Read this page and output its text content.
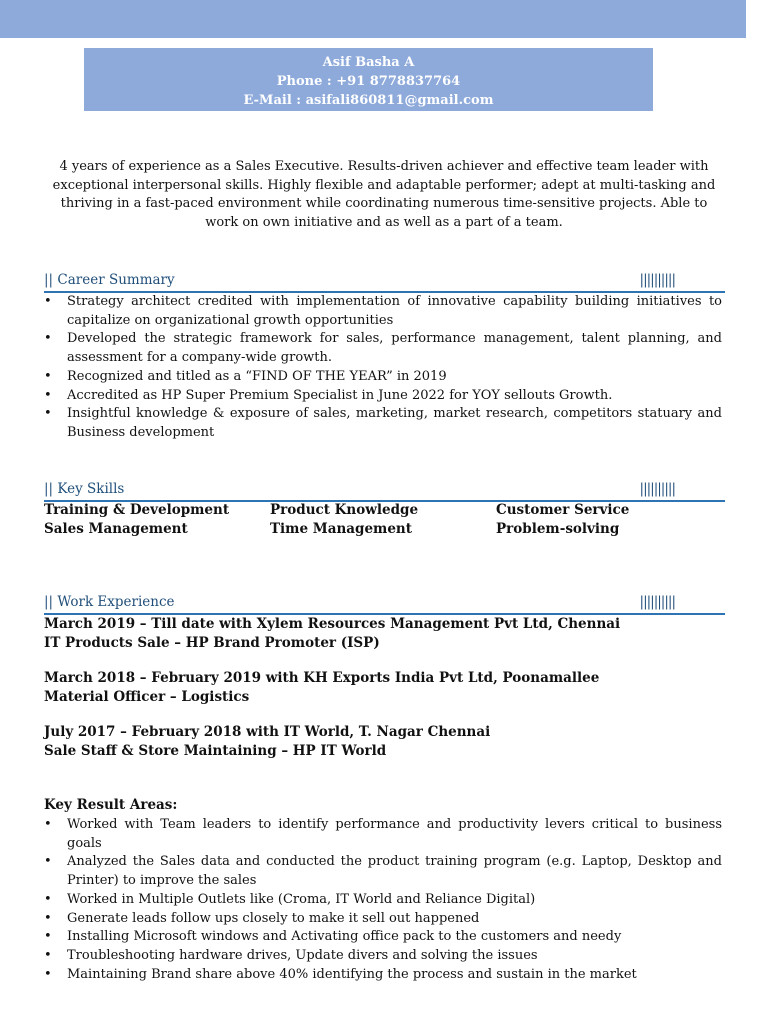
Asif Basha A
Phone : +91 8778837764
E-Mail : asifali860811@gmail.com
4 years of experience as a Sales Executive. Results-driven achiever and effective team leader with exceptional interpersonal skills. Highly flexible and adaptable performer; adept at multi-tasking and thriving in a fast-paced environment while coordinating numerous time-sensitive projects. Able to work on own initiative and as well as a part of a team.
|| Career Summary	||||||||||
• Strategy architect credited with implementation of innovative capability building initiatives to capitalize on organizational growth opportunities
• Developed the strategic framework for sales, performance management, talent planning, and assessment for a company-wide growth.
• Recognized and titled as a “FIND OF THE YEAR” in 2019
• Accredited as HP Super Premium Specialist in June 2022 for YOY sellouts Growth.
• Insightful knowledge & exposure of sales, marketing, market research, competitors statuary and Business development
|| Key Skills	||||||||||
Training & Development	Product Knowledge	Customer Service
Sales Management	Time Management	Problem-solving
|| Work Experience	||||||||||
March 2019 – Till date with Xylem Resources Management Pvt Ltd, Chennai
IT Products Sale – HP Brand Promoter (ISP)
March 2018 – February 2019 with KH Exports India Pvt Ltd, Poonamallee
Material Officer – Logistics
July 2017 – February 2018 with IT World, T. Nagar Chennai
Sale Staff & Store Maintaining – HP IT World
Key Result Areas:
• Worked with Team leaders to identify performance and productivity levers critical to business goals
• Analyzed the Sales data and conducted the product training program (e.g. Laptop, Desktop and Printer) to improve the sales
• Worked in Multiple Outlets like (Croma, IT World and Reliance Digital)
• Generate leads follow ups closely to make it sell out happened
• Installing Microsoft windows and Activating office pack to the customers and needy
• Troubleshooting hardware drives, Update divers and solving the issues
• Maintaining Brand share above 40% identifying the process and sustain in the market
